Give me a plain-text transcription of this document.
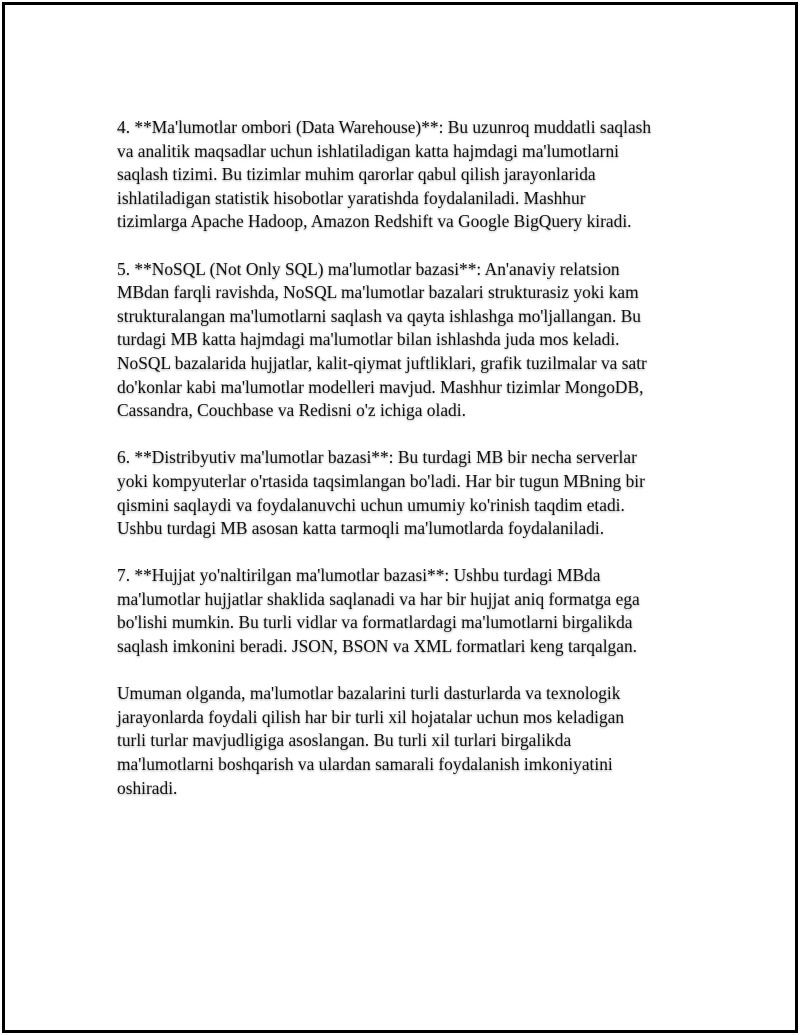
4. **Ma'lumotlar ombori (Data Warehouse)**: Bu uzunroq muddatli saqlash
va analitik maqsadlar uchun ishlatiladigan katta hajmdagi ma'lumotlarni
saqlash tizimi. Bu tizimlar muhim qarorlar qabul qilish jarayonlarida
ishlatiladigan statistik hisobotlar yaratishda foydalaniladi. Mashhur
tizimlarga Apache Hadoop, Amazon Redshift va Google BigQuery kiradi.

5. **NoSQL (Not Only SQL) ma'lumotlar bazasi**: An'anaviy relatsion
MBdan farqli ravishda, NoSQL ma'lumotlar bazalari strukturasiz yoki kam
strukturalangan ma'lumotlarni saqlash va qayta ishlashga mo'ljallangan. Bu
turdagi MB katta hajmdagi ma'lumotlar bilan ishlashda juda mos keladi.
NoSQL bazalarida hujjatlar, kalit-qiymat juftliklari, grafik tuzilmalar va satr
do'konlar kabi ma'lumotlar modelleri mavjud. Mashhur tizimlar MongoDB,
Cassandra, Couchbase va Redisni o'z ichiga oladi.

6. **Distribyutiv ma'lumotlar bazasi**: Bu turdagi MB bir necha serverlar
yoki kompyuterlar o'rtasida taqsimlangan bo'ladi. Har bir tugun MBning bir
qismini saqlaydi va foydalanuvchi uchun umumiy ko'rinish taqdim etadi.
Ushbu turdagi MB asosan katta tarmoqli ma'lumotlarda foydalaniladi.

7. **Hujjat yo'naltirilgan ma'lumotlar bazasi**: Ushbu turdagi MBda
ma'lumotlar hujjatlar shaklida saqlanadi va har bir hujjat aniq formatga ega
bo'lishi mumkin. Bu turli vidlar va formatlardagi ma'lumotlarni birgalikda
saqlash imkonini beradi. JSON, BSON va XML formatlari keng tarqalgan.

Umuman olganda, ma'lumotlar bazalarini turli dasturlarda va texnologik
jarayonlarda foydali qilish har bir turli xil hojatalar uchun mos keladigan
turli turlar mavjudligiga asoslangan. Bu turli xil turlari birgalikda
ma'lumotlarni boshqarish va ulardan samarali foydalanish imkoniyatini
oshiradi.
